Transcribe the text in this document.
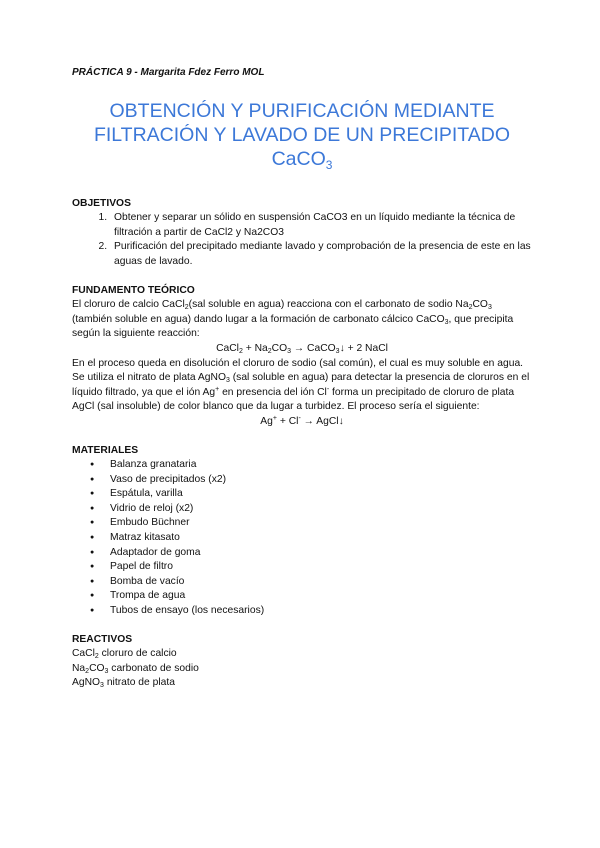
PRÁCTICA 9 - Margarita Fdez Ferro MOL
OBTENCIÓN Y PURIFICACIÓN MEDIANTE
FILTRACIÓN Y LAVADO DE UN PRECIPITADO
CaCO$_3$
OBJETIVOS
1. Obtener y separar un sólido en suspensión CaCO3 en un líquido mediante la técnica de filtración a partir de CaCl2 y Na2CO3
2. Purificación del precipitado mediante lavado y comprobación de la presencia de este en las aguas de lavado.
FUNDAMENTO TEÓRICO

El cloruro de calcio CaCl$_2$(sal soluble en agua) reacciona con el carbonato de sodio $Na_2CO_3$ (también soluble en agua) dando lugar a la formación de carbonato cálcico CaCO$_3$, que precipita según la siguiente reacción:

CaCl$_2$ + $Na_2CO_3$ → CaCO$_3$↓ + 2 NaCl

En el proceso queda en disolución el cloruro de sodio (sal común), el cual es muy soluble en agua.

Se utiliza el nitrato de plata AgNO$_3$ (sal soluble en agua) para detectar la presencia de cloruros en el líquido filtrado, ya que el ión Ag+ en presencia del ión Cl- forma un precipitado de cloruro de plata AgCl (sal insoluble) de color blanco que da lugar a turbidez. El proceso sería el siguiente:

Ag+ + Cl- → AgCl↓

MATERIALES
● Balanza granataria
● Vaso de precipitados (x2)
● Espátula, varilla
● Vidrio de reloj (x2)
● Embudo Büchner
● Matraz kitasato
● Adaptador de goma
● Papel de filtro
● Bomba de vacío
● Trompa de agua
● Tubos de ensayo (los necesarios)
REACTIVOS

CaCl$_2$ cloruro de calcio

$Na_2CO_3$ carbonato de sodio

AgNO$_3$ nitrato de plata
